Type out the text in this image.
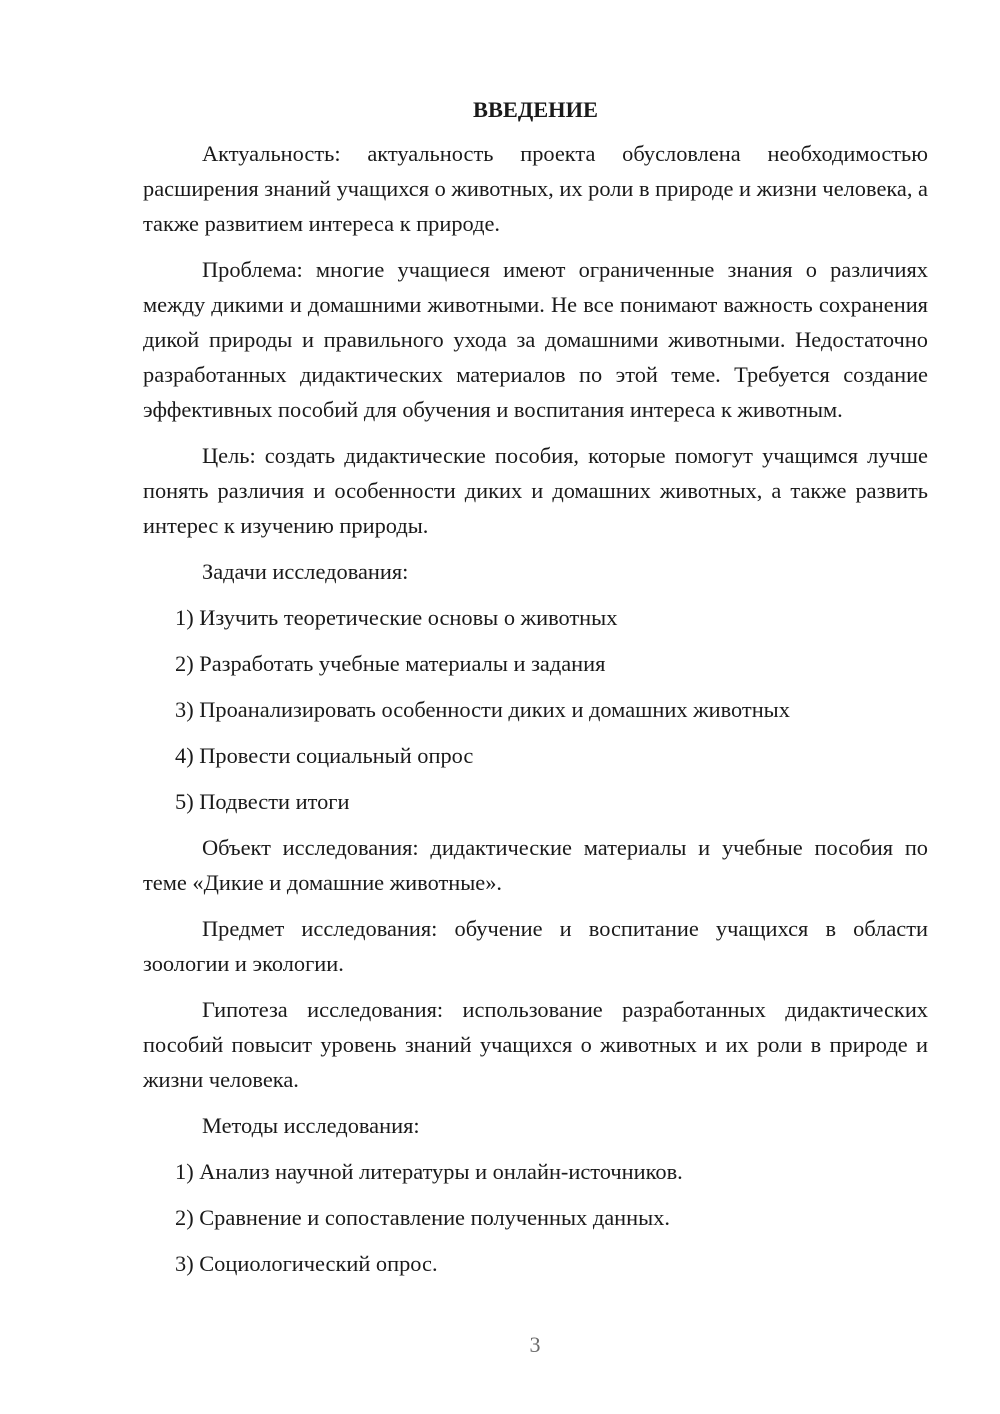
ВВЕДЕНИЕ

Актуальность: актуальность проекта обусловлена необходимостью расширения знаний учащихся о животных, их роли в природе и жизни человека, а также развитием интереса к природе.

Проблема: многие учащиеся имеют ограниченные знания о различиях между дикими и домашними животными. Не все понимают важность сохранения дикой природы и правильного ухода за домашними животными. Недостаточно разработанных дидактических материалов по этой теме. Требуется создание эффективных пособий для обучения и воспитания интереса к животным.

Цель: создать дидактические пособия, которые помогут учащимся лучше понять различия и особенности диких и домашних животных, а также развить интерес к изучению природы.

Задачи исследования:

1) Изучить теоретические основы о животных
2) Разработать учебные материалы и задания
3) Проанализировать особенности диких и домашних животных
4) Провести социальный опрос
5) Подвести итоги

Объект исследования: дидактические материалы и учебные пособия по теме «Дикие и домашние животные».

Предмет исследования: обучение и воспитание учащихся в области зоологии и экологии.

Гипотеза исследования: использование разработанных дидактических пособий повысит уровень знаний учащихся о животных и их роли в природе и жизни человека.

Методы исследования:

1) Анализ научной литературы и онлайн-источников.
2) Сравнение и сопоставление полученных данных.
3) Социологический опрос.
3
